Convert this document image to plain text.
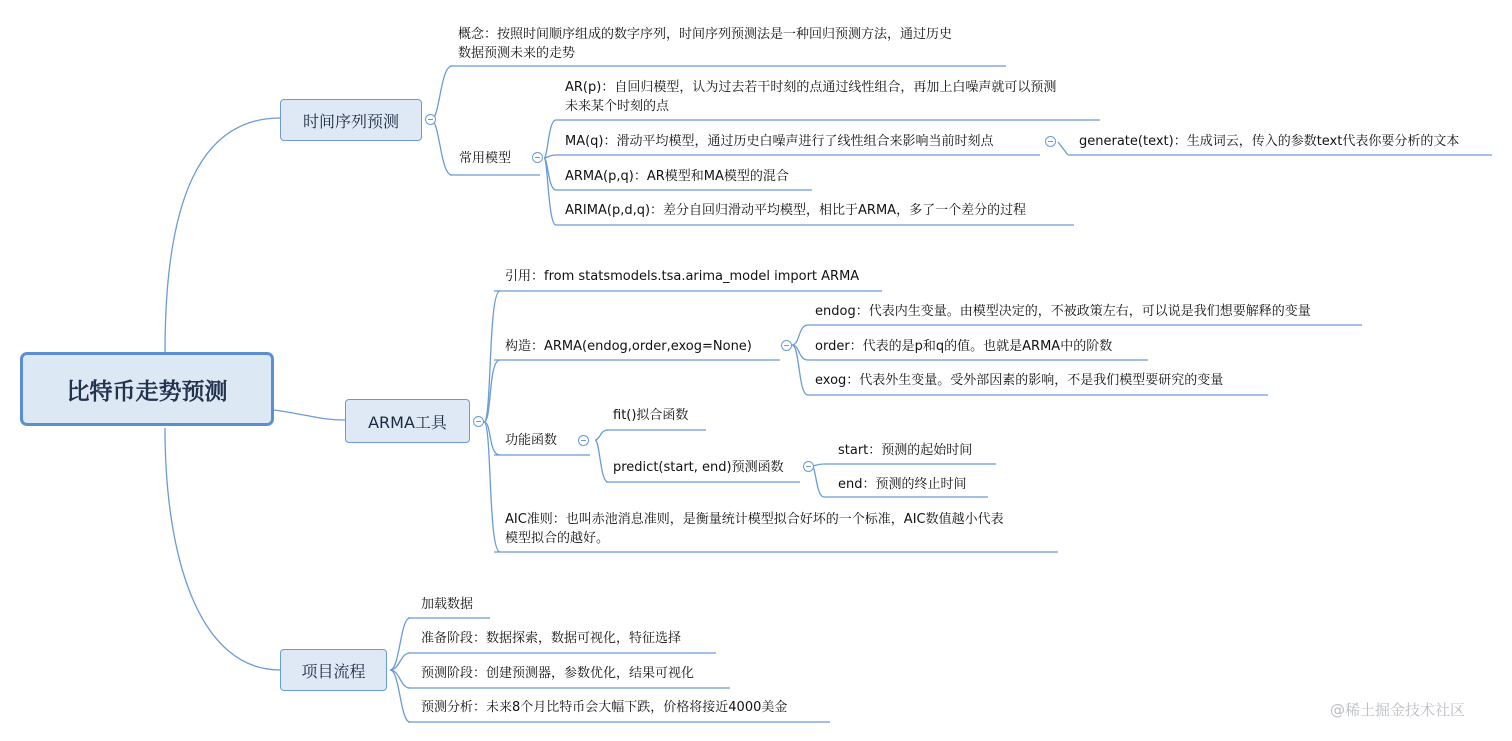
比特币走势预测
时间序列预测
ARMA工具
项目流程
概念：按照时间顺序组成的数字序列，时间序列预测法是一种回归预测方法，通过历史
数据预测未来的走势
常用模型
AR(p)：自回归模型，认为过去若干时刻的点通过线性组合，再加上白噪声就可以预测
未来某个时刻的点
MA(q)：滑动平均模型，通过历史白噪声进行了线性组合来影响当前时刻点	generate(text)：生成词云，传入的参数text代表你要分析的文本
ARMA(p,q)：AR模型和MA模型的混合
ARIMA(p,d,q)：差分自回归滑动平均模型，相比于ARMA，多了一个差分的过程
引用：from statsmodels.tsa.arima_model import ARMA
构造：ARMA(endog,order,exog=None)
endog：代表内生变量。由模型决定的，不被政策左右，可以说是我们想要解释的变量
order：代表的是p和q的值。也就是ARMA中的阶数
exog：代表外生变量。受外部因素的影响，不是我们模型要研究的变量
功能函数
fit()拟合函数
predict(start, end)预测函数
start：预测的起始时间
end：预测的终止时间
AIC准则：也叫赤池消息准则，是衡量统计模型拟合好坏的一个标准，AIC数值越小代表
模型拟合的越好。
加载数据
准备阶段：数据探索，数据可视化，特征选择
预测阶段：创建预测器，参数优化，结果可视化
预测分析：未来8个月比特币会大幅下跌，价格将接近4000美金	@稀土掘金技术社区
